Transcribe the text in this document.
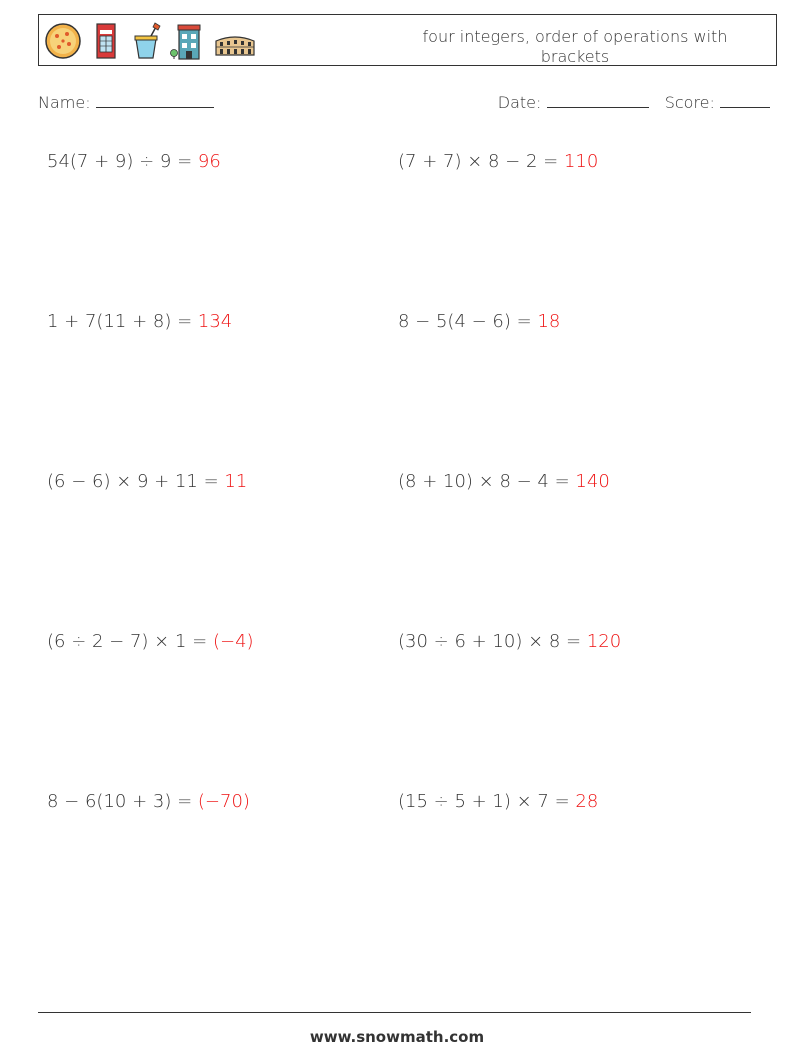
four integers, order of operations with brackets
Name:	Date:	Score:
54(7 + 9) ÷ 9 = 96	(7 + 7) × 8 − 2 = 110
1 + 7(11 + 8) = 134	8 − 5(4 − 6) = 18
(6 − 6) × 9 + 11 = 11	(8 + 10) × 8 − 4 = 140
(6 ÷ 2 − 7) × 1 = (−4)	(30 ÷ 6 + 10) × 8 = 120
8 − 6(10 + 3) = (−70)	(15 ÷ 5 + 1) × 7 = 28
www.snowmath.com
